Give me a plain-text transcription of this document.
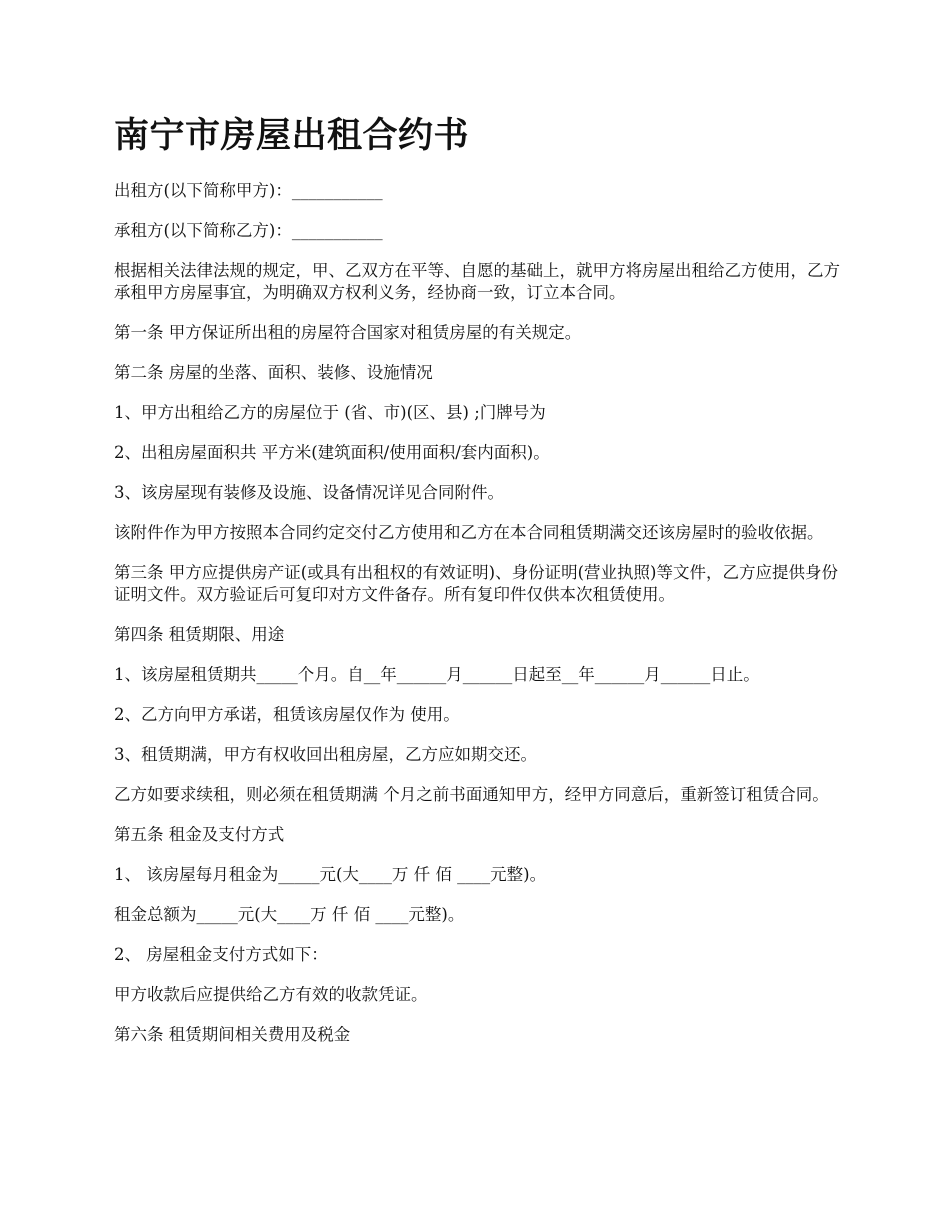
南宁市房屋出租合约书

出租方(以下简称甲方)：___________

承租方(以下简称乙方)：___________

根据相关法律法规的规定，甲、乙双方在平等、自愿的基础上，就甲方将房屋出租给乙方使用，乙方承租甲方房屋事宜，为明确双方权利义务，经协商一致，订立本合同。

第一条 甲方保证所出租的房屋符合国家对租赁房屋的有关规定。

第二条 房屋的坐落、面积、装修、设施情况

1、甲方出租给乙方的房屋位于 (省、市)(区、县) ;门牌号为

2、出租房屋面积共 平方米(建筑面积/使用面积/套内面积)。

3、该房屋现有装修及设施、设备情况详见合同附件。

该附件作为甲方按照本合同约定交付乙方使用和乙方在本合同租赁期满交还该房屋时的验收依据。

第三条 甲方应提供房产证(或具有出租权的有效证明)、身份证明(营业执照)等文件，乙方应提供身份证明文件。双方验证后可复印对方文件备存。所有复印件仅供本次租赁使用。

第四条 租赁期限、用途

1、该房屋租赁期共_____个月。自__年______月______日起至__年______月______日止。

2、乙方向甲方承诺，租赁该房屋仅作为 使用。

3、租赁期满，甲方有权收回出租房屋，乙方应如期交还。

乙方如要求续租，则必须在租赁期满 个月之前书面通知甲方，经甲方同意后，重新签订租赁合同。

第五条 租金及支付方式

1、 该房屋每月租金为_____元(大____万 仟 佰 ____元整)。

租金总额为_____元(大____万 仟 佰 ____元整)。

2、 房屋租金支付方式如下：

甲方收款后应提供给乙方有效的收款凭证。

第六条 租赁期间相关费用及税金
